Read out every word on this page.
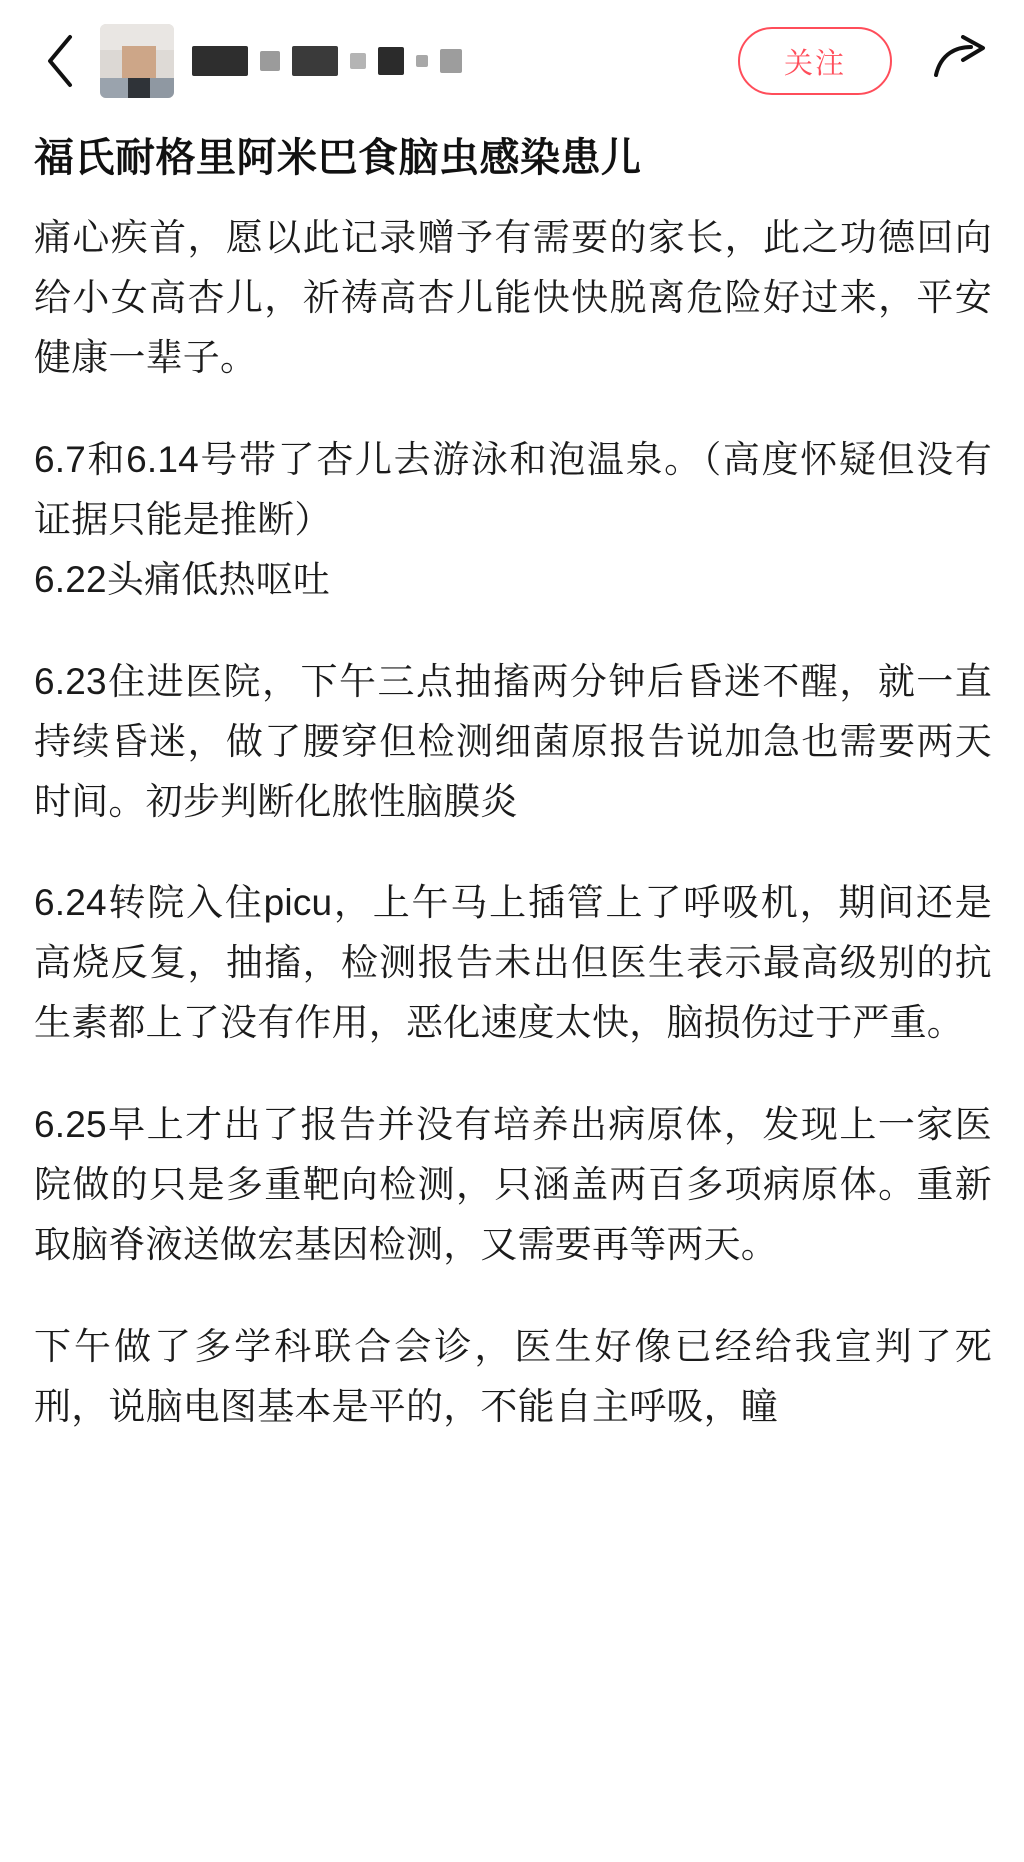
关注
福氏耐格里阿米巴食脑虫感染患儿

痛心疾首，愿以此记录赠予有需要的家长，此之功德回向给小女高杏儿，祈祷高杏儿能快快脱离危险好过来，平安健康一辈子。

6.7和6.14号带了杏儿去游泳和泡温泉。（高度怀疑但没有证据只能是推断）

6.22头痛低热呕吐

6.23住进医院，下午三点抽搐两分钟后昏迷不醒，就一直持续昏迷，做了腰穿但检测细菌原报告说加急也需要两天时间。初步判断化脓性脑膜炎

6.24转院入住picu，上午马上插管上了呼吸机，期间还是高烧反复，抽搐，检测报告未出但医生表示最高级别的抗生素都上了没有作用，恶化速度太快，脑损伤过于严重。

6.25早上才出了报告并没有培养出病原体，发现上一家医院做的只是多重靶向检测，只涵盖两百多项病原体。重新取脑脊液送做宏基因检测，又需要再等两天。

下午做了多学科联合会诊，医生好像已经给我宣判了死刑，说脑电图基本是平的，不能自主呼吸，瞳
